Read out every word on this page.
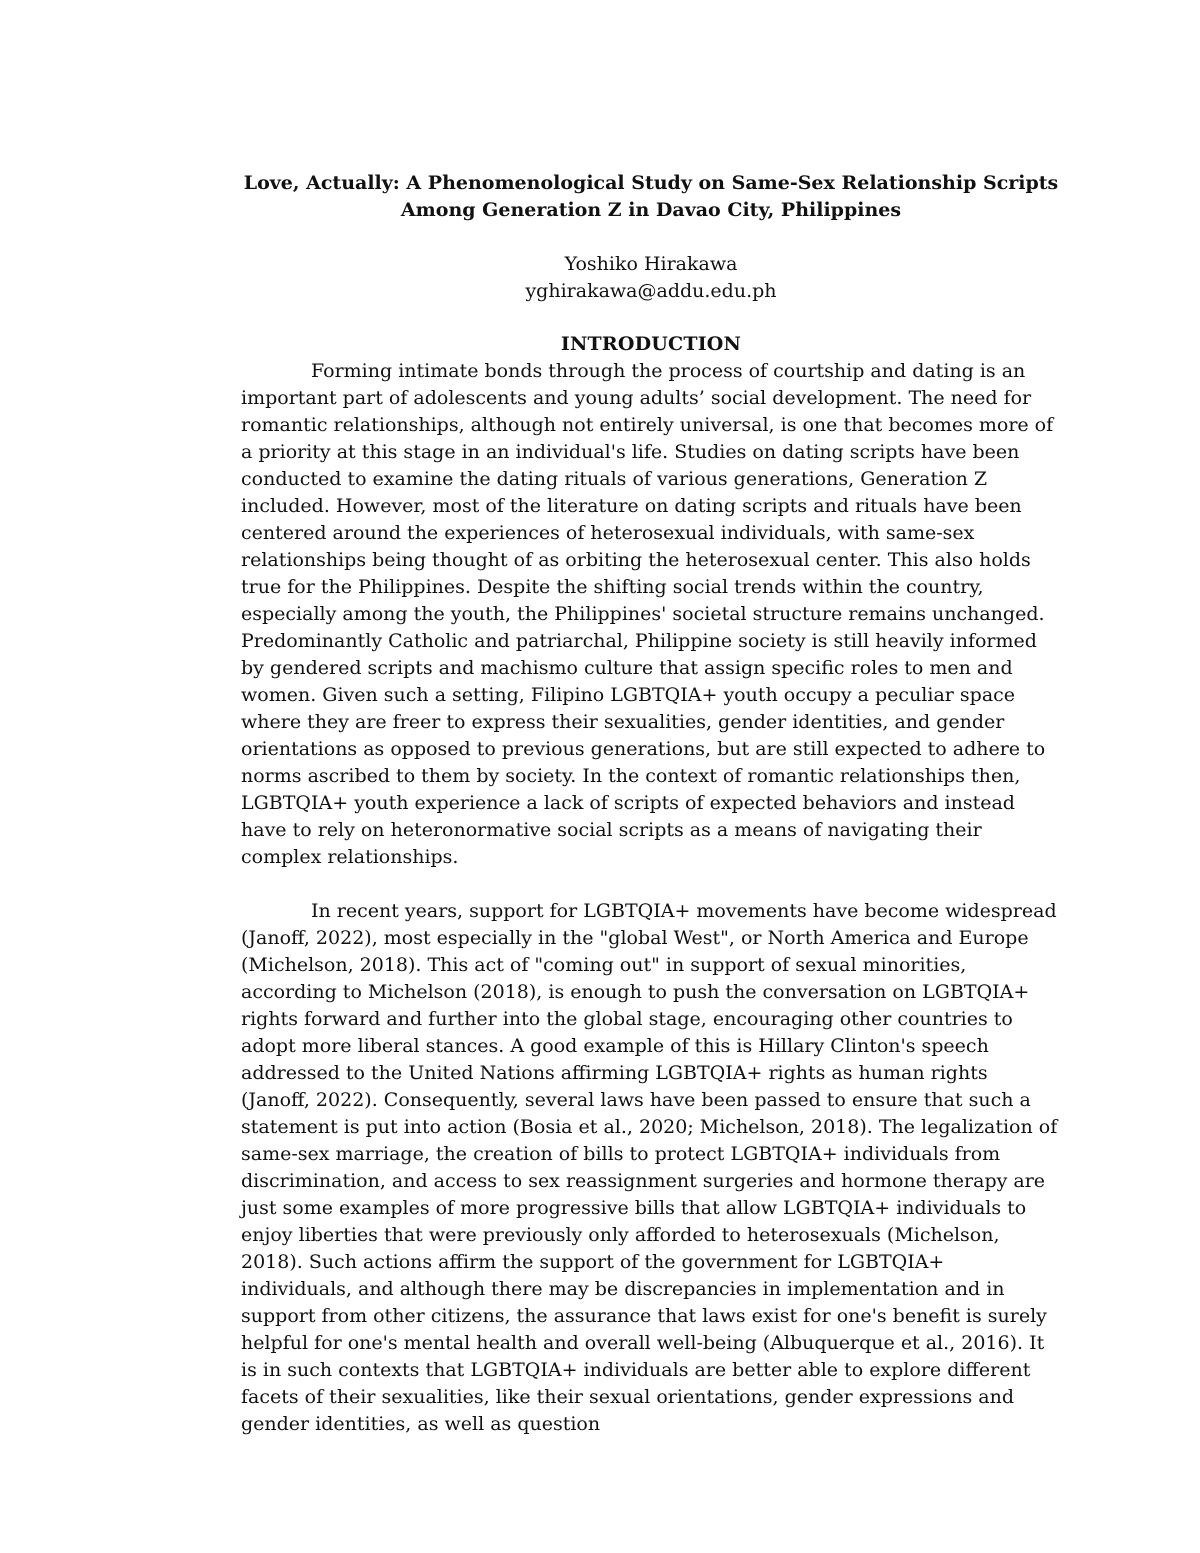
Love, Actually: A Phenomenological Study on Same-Sex Relationship Scripts
Among Generation Z in Davao City, Philippines
Yoshiko Hirakawa
yghirakawa@addu.edu.ph
INTRODUCTION

Forming intimate bonds through the process of courtship and dating is an important part of adolescents and young adults’ social development. The need for romantic relationships, although not entirely universal, is one that becomes more of a priority at this stage in an individual's life. Studies on dating scripts have been conducted to examine the dating rituals of various generations, Generation Z included. However, most of the literature on dating scripts and rituals have been centered around the experiences of heterosexual individuals, with same-sex relationships being thought of as orbiting the heterosexual center. This also holds true for the Philippines. Despite the shifting social trends within the country, especially among the youth, the Philippines' societal structure remains unchanged. Predominantly Catholic and patriarchal, Philippine society is still heavily informed by gendered scripts and machismo culture that assign specific roles to men and women. Given such a setting, Filipino LGBTQIA+ youth occupy a peculiar space where they are freer to express their sexualities, gender identities, and gender orientations as opposed to previous generations, but are still expected to adhere to norms ascribed to them by society. In the context of romantic relationships then, LGBTQIA+ youth experience a lack of scripts of expected behaviors and instead have to rely on heteronormative social scripts as a means of navigating their complex relationships.

In recent years, support for LGBTQIA+ movements have become widespread (Janoff, 2022), most especially in the "global West", or North America and Europe (Michelson, 2018). This act of "coming out" in support of sexual minorities, according to Michelson (2018), is enough to push the conversation on LGBTQIA+ rights forward and further into the global stage, encouraging other countries to adopt more liberal stances. A good example of this is Hillary Clinton's speech addressed to the United Nations affirming LGBTQIA+ rights as human rights (Janoff, 2022). Consequently, several laws have been passed to ensure that such a statement is put into action (Bosia et al., 2020; Michelson, 2018). The legalization of same-sex marriage, the creation of bills to protect LGBTQIA+ individuals from discrimination, and access to sex reassignment surgeries and hormone therapy are just some examples of more progressive bills that allow LGBTQIA+ individuals to enjoy liberties that were previously only afforded to heterosexuals (Michelson, 2018). Such actions affirm the support of the government for LGBTQIA+ individuals, and although there may be discrepancies in implementation and in support from other citizens, the assurance that laws exist for one's benefit is surely helpful for one's mental health and overall well-being (Albuquerque et al., 2016). It is in such contexts that LGBTQIA+ individuals are better able to explore different facets of their sexualities, like their sexual orientations, gender expressions and gender identities, as well as question
